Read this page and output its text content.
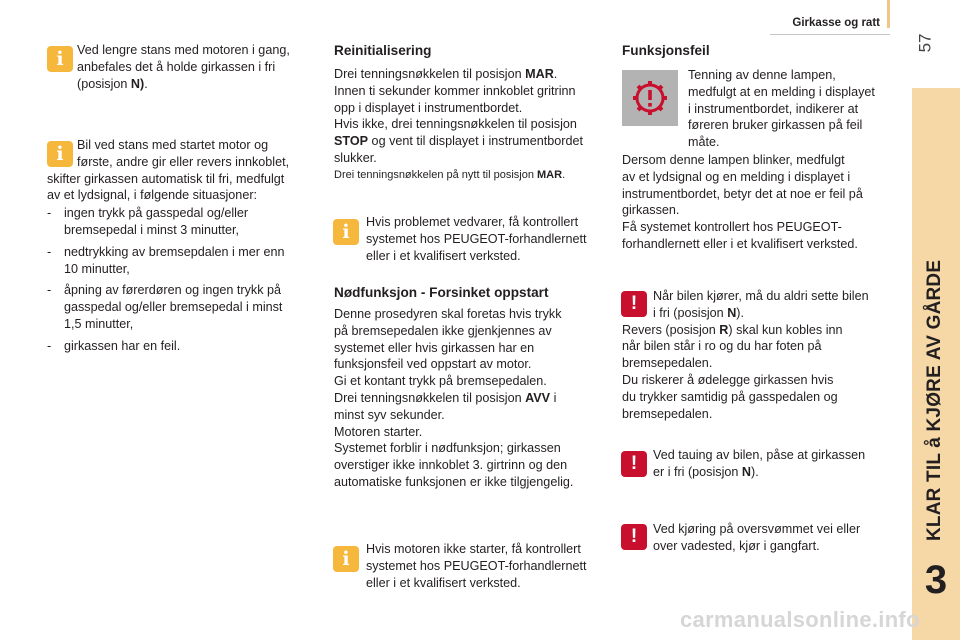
Girkasse og ratt
57
KLAR TIL å KJØRE AV GÅRDE
3
i	Ved lengre stans med motoren i gang,

anbefales det å holde girkassen i fri

(posisjon N).

i	Bil ved stans med startet motor og

første, andre gir eller revers innkoblet,

skifter girkassen automatisk til fri, medfulgt

av et lydsignal, i følgende situasjoner:

- ingen trykk på gasspedal og/eller
bremsepedal i minst 3 minutter,
- nedtrykking av bremsepdalen i mer enn
10 minutter,
- åpning av førerdøren og ingen trykk på
gasspedal og/eller bremsepedal i minst
1,5 minutter,
- girkassen har en feil.
Reinitialisering

Drei tenningsnøkkelen til posisjon MAR.

Innen ti sekunder kommer innkoblet gritrinn

opp i displayet i instrumentbordet.

Hvis ikke, drei tenningsnøkkelen til posisjon

STOP og vent til displayet i instrumentbordet

slukker.

Drei tenningsnøkkelen på nytt til posisjon MAR.

i	Hvis problemet vedvarer, få kontrollert

systemet hos PEUGEOT-forhandlernett

eller i et kvalifisert verksted.

Nødfunksjon - Forsinket oppstart

Denne prosedyren skal foretas hvis trykk

på bremsepedalen ikke gjenkjennes av

systemet eller hvis girkassen har en

funksjonsfeil ved oppstart av motor.

Gi et kontant trykk på bremsepedalen.

Drei tenningsnøkkelen til posisjon AVV i

minst syv sekunder.

Motoren starter.

Systemet forblir i nødfunksjon; girkassen

overstiger ikke innkoblet 3. girtrinn og den

automatiske funksjonen er ikke tilgjengelig.

i	Hvis motoren ikke starter, få kontrollert

systemet hos PEUGEOT-forhandlernett

eller i et kvalifisert verksted.

Funksjonsfeil

Tenning av denne lampen,

medfulgt at en melding i displayet

i instrumentbordet, indikerer at

føreren bruker girkassen på feil

måte.

Dersom denne lampen blinker, medfulgt

av et lydsignal og en melding i displayet i

instrumentbordet, betyr det at noe er feil på

girkassen.

Få systemet kontrollert hos PEUGEOT-

forhandlernett eller i et kvalifisert verksted.

!	Når bilen kjører, må du aldri sette bilen

i fri (posisjon N).

Revers (posisjon R) skal kun kobles inn

når bilen står i ro og du har foten på

bremsepedalen.

Du riskerer å ødelegge girkassen hvis

du trykker samtidig på gasspedalen og

bremsepedalen.

!	Ved tauing av bilen, påse at girkassen

er i fri (posisjon N).

!	Ved kjøring på oversvømmet vei eller

over vadested, kjør i gangfart.

carmanualsonline.info
